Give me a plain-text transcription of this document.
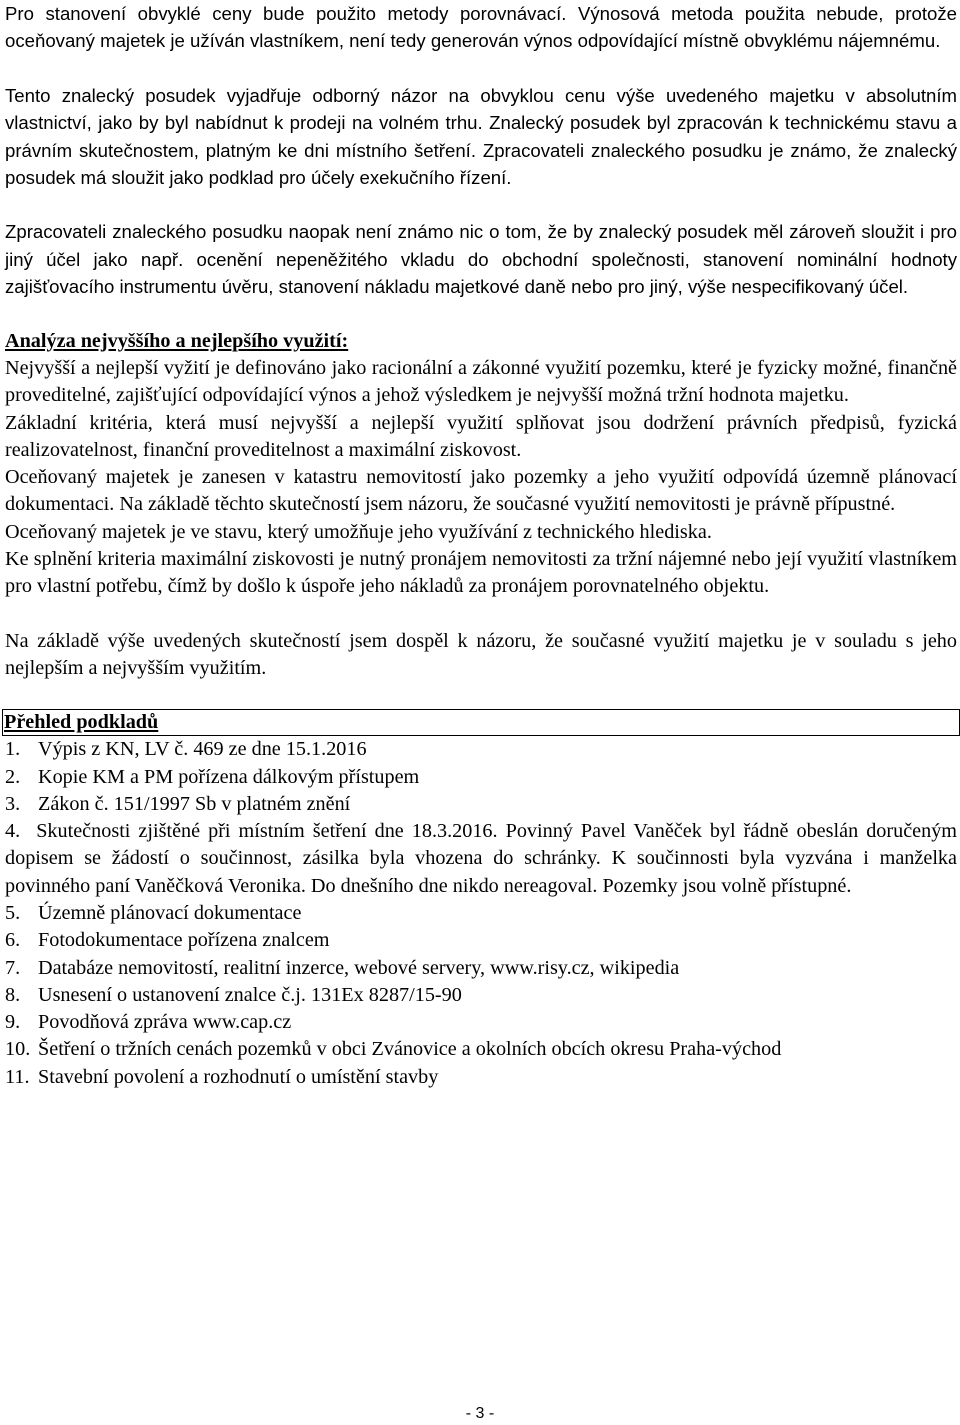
Pro stanovení obvyklé ceny bude použito metody porovnávací. Výnosová metoda použita nebude, protože oceňovaný majetek je užíván vlastníkem, není tedy generován výnos odpovídající místně obvyklému nájemnému.

Tento znalecký posudek vyjadřuje odborný názor na obvyklou cenu výše uvedeného majetku v absolutním vlastnictví, jako by byl nabídnut k prodeji na volném trhu. Znalecký posudek byl zpracován k technickému stavu a právním skutečnostem, platným ke dni místního šetření. Zpracovateli znaleckého posudku je známo, že znalecký posudek má sloužit jako podklad pro účely exekučního řízení.

Zpracovateli znaleckého posudku naopak není známo nic o tom, že by znalecký posudek měl zároveň sloužit i pro jiný účel jako např. ocenění nepeněžitého vkladu do obchodní společnosti, stanovení nominální hodnoty zajišťovacího instrumentu úvěru, stanovení nákladu majetkové daně nebo pro jiný, výše nespecifikovaný účel.

Analýza nejvyššího a nejlepšího využití:

Nejvyšší a nejlepší vyžití je definováno jako racionální a zákonné využití pozemku, které je fyzicky možné, finančně proveditelné, zajišťující odpovídající výnos a jehož výsledkem je nejvyšší možná tržní hodnota majetku.

Základní kritéria, která musí nejvyšší a nejlepší využití splňovat jsou dodržení právních předpisů, fyzická realizovatelnost, finanční proveditelnost a maximální ziskovost.

Oceňovaný majetek je zanesen v katastru nemovitostí jako pozemky a jeho využití odpovídá územně plánovací dokumentaci. Na základě těchto skutečností jsem názoru, že současné využití nemovitosti je právně přípustné.

Oceňovaný majetek je ve stavu, který umožňuje jeho využívání z technického hlediska.

Ke splnění kriteria maximální ziskovosti je nutný pronájem nemovitosti za tržní nájemné nebo její využití vlastníkem pro vlastní potřebu, čímž by došlo k úspoře jeho nákladů za pronájem porovnatelného objektu.

Na základě výše uvedených skutečností jsem dospěl k názoru, že současné využití majetku je v souladu s jeho nejlepším a nejvyšším využitím.

Přehled podkladů
1. Výpis z KN, LV č. 469 ze dne 15.1.2016
2. Kopie KM a PM pořízena dálkovým přístupem
3. Zákon č. 151/1997 Sb v platném znění
4. Skutečnosti zjištěné při místním šetření dne 18.3.2016. Povinný Pavel Vaněček byl řádně obeslán doručeným dopisem se žádostí o součinnost, zásilka byla vhozena do schránky. K součinnosti byla vyzvána i manželka povinného paní Vaněčková Veronika. Do dnešního dne nikdo nereagoval. Pozemky jsou volně přístupné.
5. Územně plánovací dokumentace
6. Fotodokumentace pořízena znalcem
7. Databáze nemovitostí, realitní inzerce, webové servery, www.risy.cz, wikipedia
8. Usnesení o ustanovení znalce č.j. 131Ex 8287/15-90
9. Povodňová zpráva www.cap.cz
10. Šetření o tržních cenách pozemků v obci Zvánovice a okolních obcích okresu Praha-východ
11. Stavební povolení a rozhodnutí o umístění stavby
- 3 -
